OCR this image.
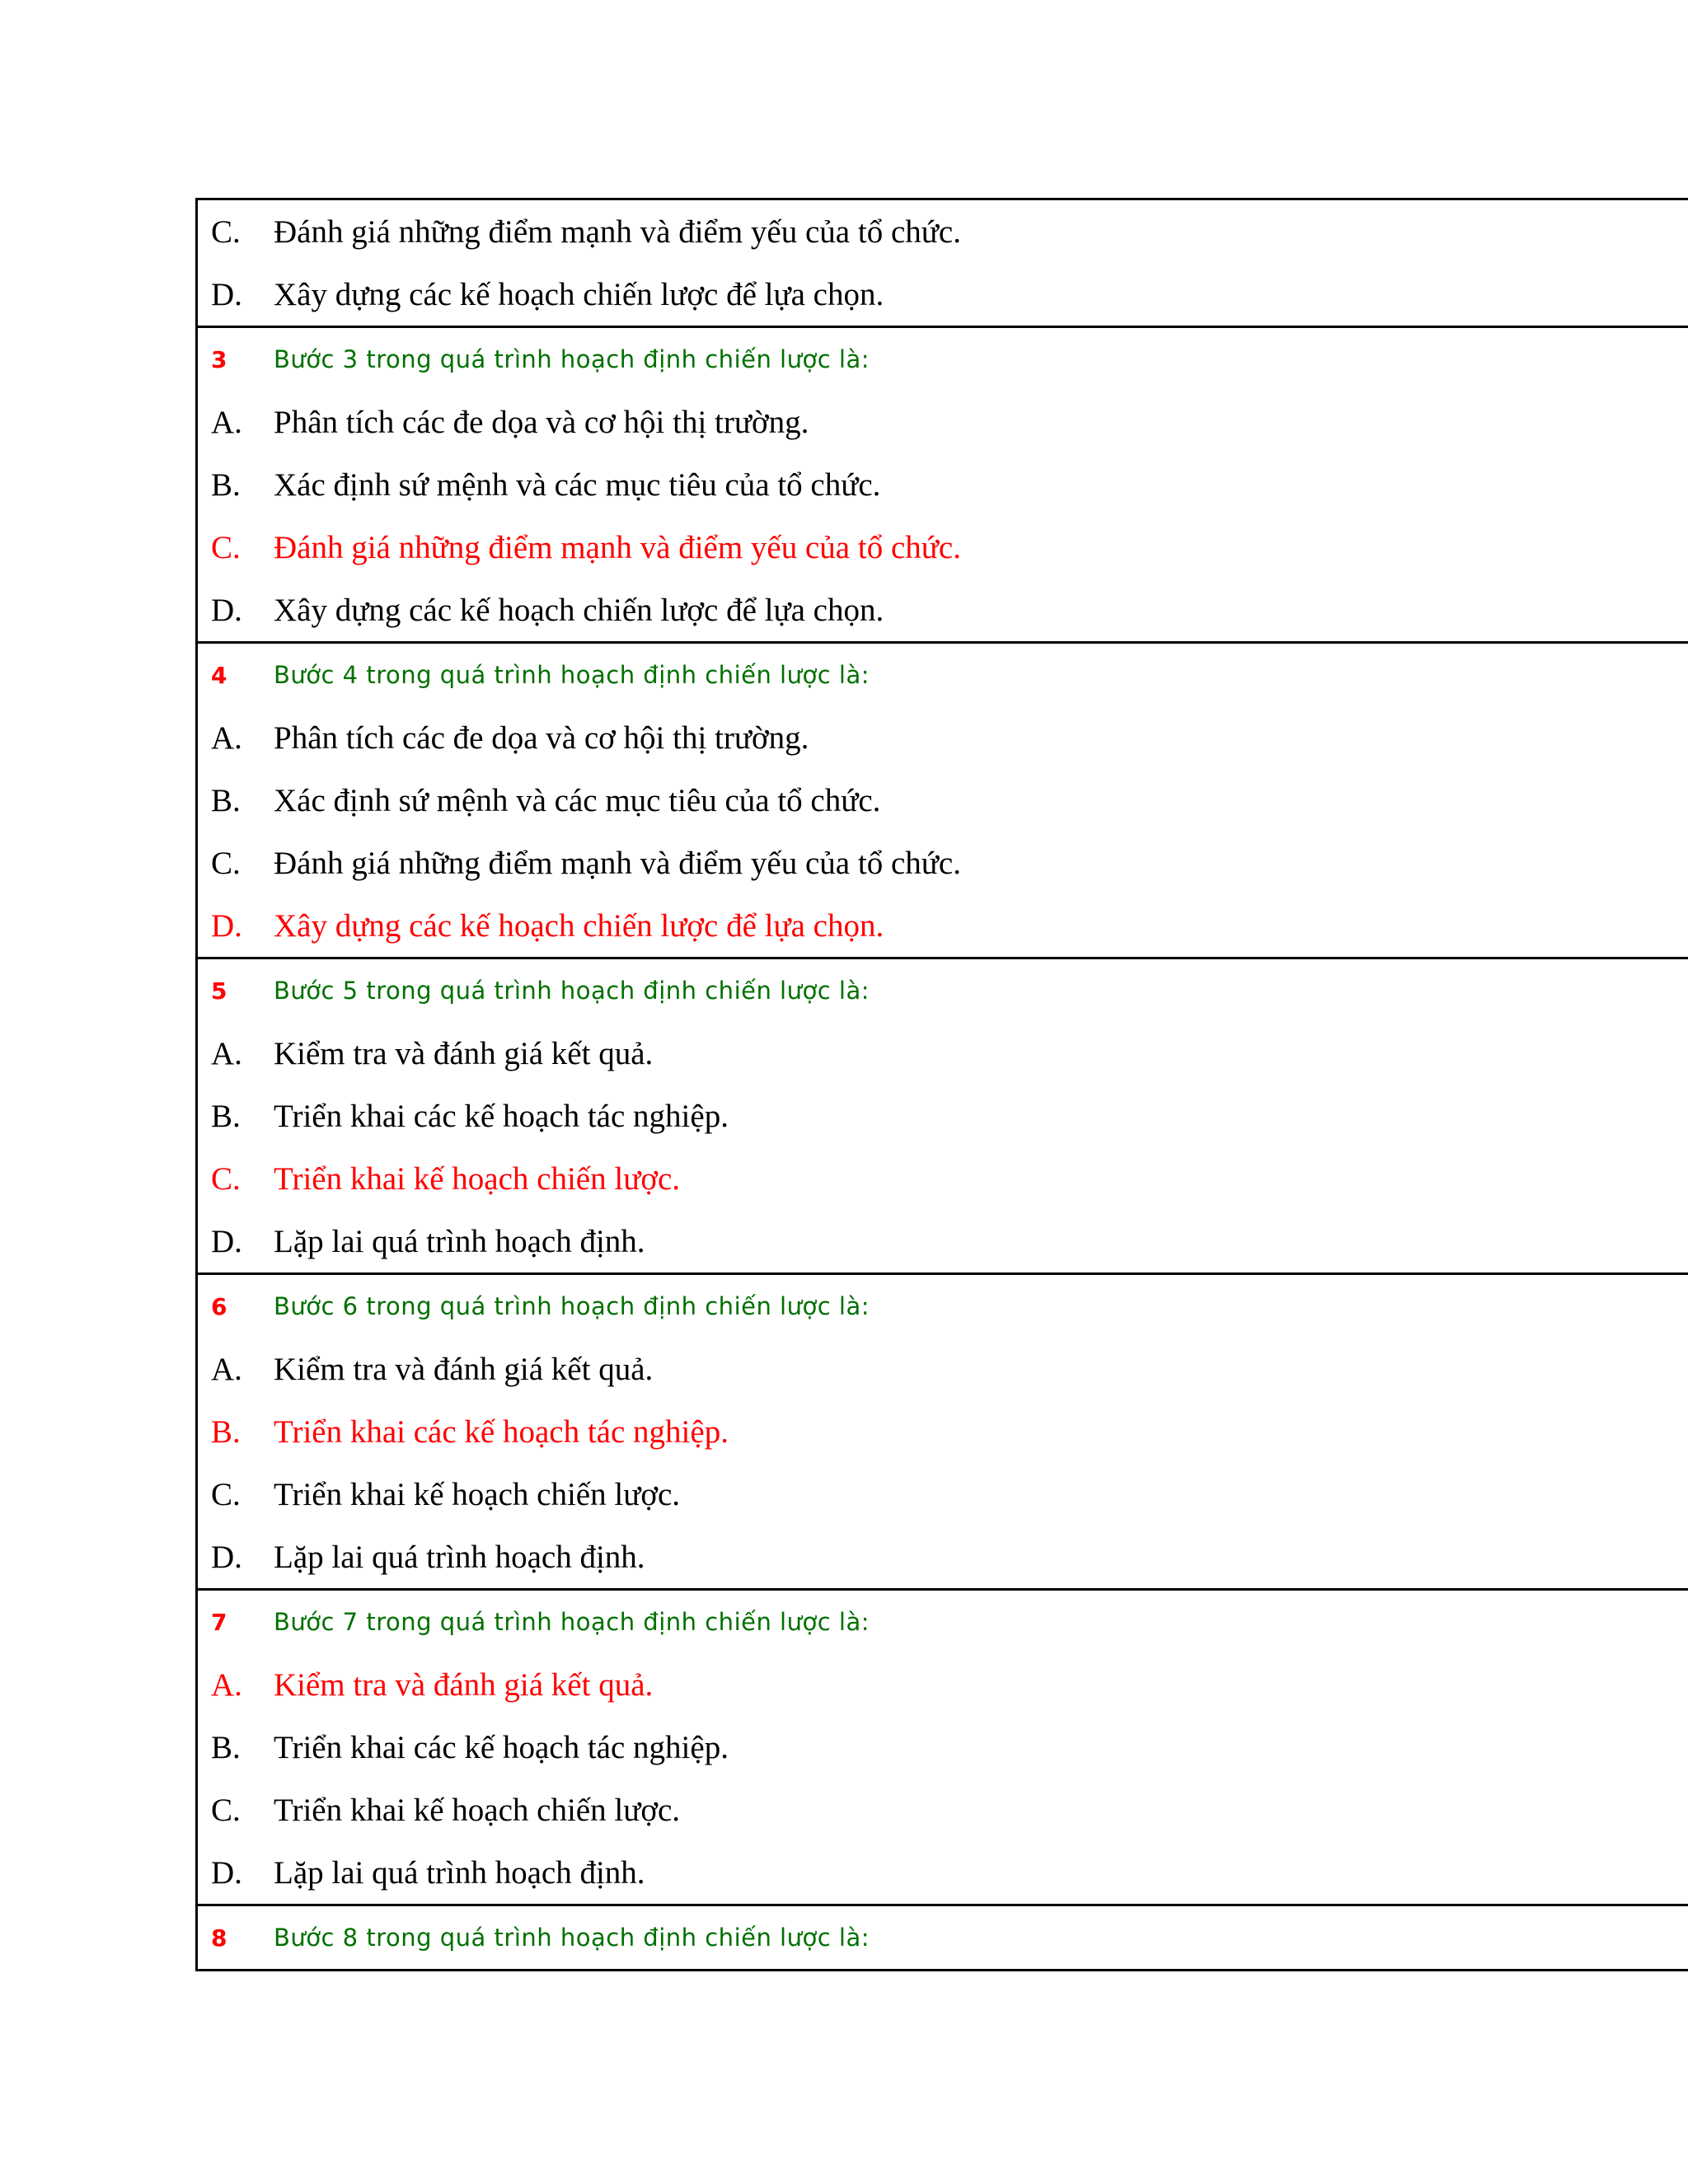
C. Đánh giá những điểm mạnh và điểm yếu của tổ chức.
D. Xây dựng các kế hoạch chiến lược để lựa chọn.
3 Bước 3 trong quá trình hoạch định chiến lược là:
A. Phân tích các đe dọa và cơ hội thị trường.
B. Xác định sứ mệnh và các mục tiêu của tổ chức.
C. Đánh giá những điểm mạnh và điểm yếu của tổ chức.
D. Xây dựng các kế hoạch chiến lược để lựa chọn.
4 Bước 4 trong quá trình hoạch định chiến lược là:
A. Phân tích các đe dọa và cơ hội thị trường.
B. Xác định sứ mệnh và các mục tiêu của tổ chức.
C. Đánh giá những điểm mạnh và điểm yếu của tổ chức.
D. Xây dựng các kế hoạch chiến lược để lựa chọn.
5 Bước 5 trong quá trình hoạch định chiến lược là:
A. Kiểm tra và đánh giá kết quả.
B. Triển khai các kế hoạch tác nghiệp.
C. Triển khai kế hoạch chiến lược.
D. Lặp lai quá trình hoạch định.
6 Bước 6 trong quá trình hoạch định chiến lược là:
A. Kiểm tra và đánh giá kết quả.
B. Triển khai các kế hoạch tác nghiệp.
C. Triển khai kế hoạch chiến lược.
D. Lặp lai quá trình hoạch định.
7 Bước 7 trong quá trình hoạch định chiến lược là:
A. Kiểm tra và đánh giá kết quả.
B. Triển khai các kế hoạch tác nghiệp.
C. Triển khai kế hoạch chiến lược.
D. Lặp lai quá trình hoạch định.
8 Bước 8 trong quá trình hoạch định chiến lược là:
